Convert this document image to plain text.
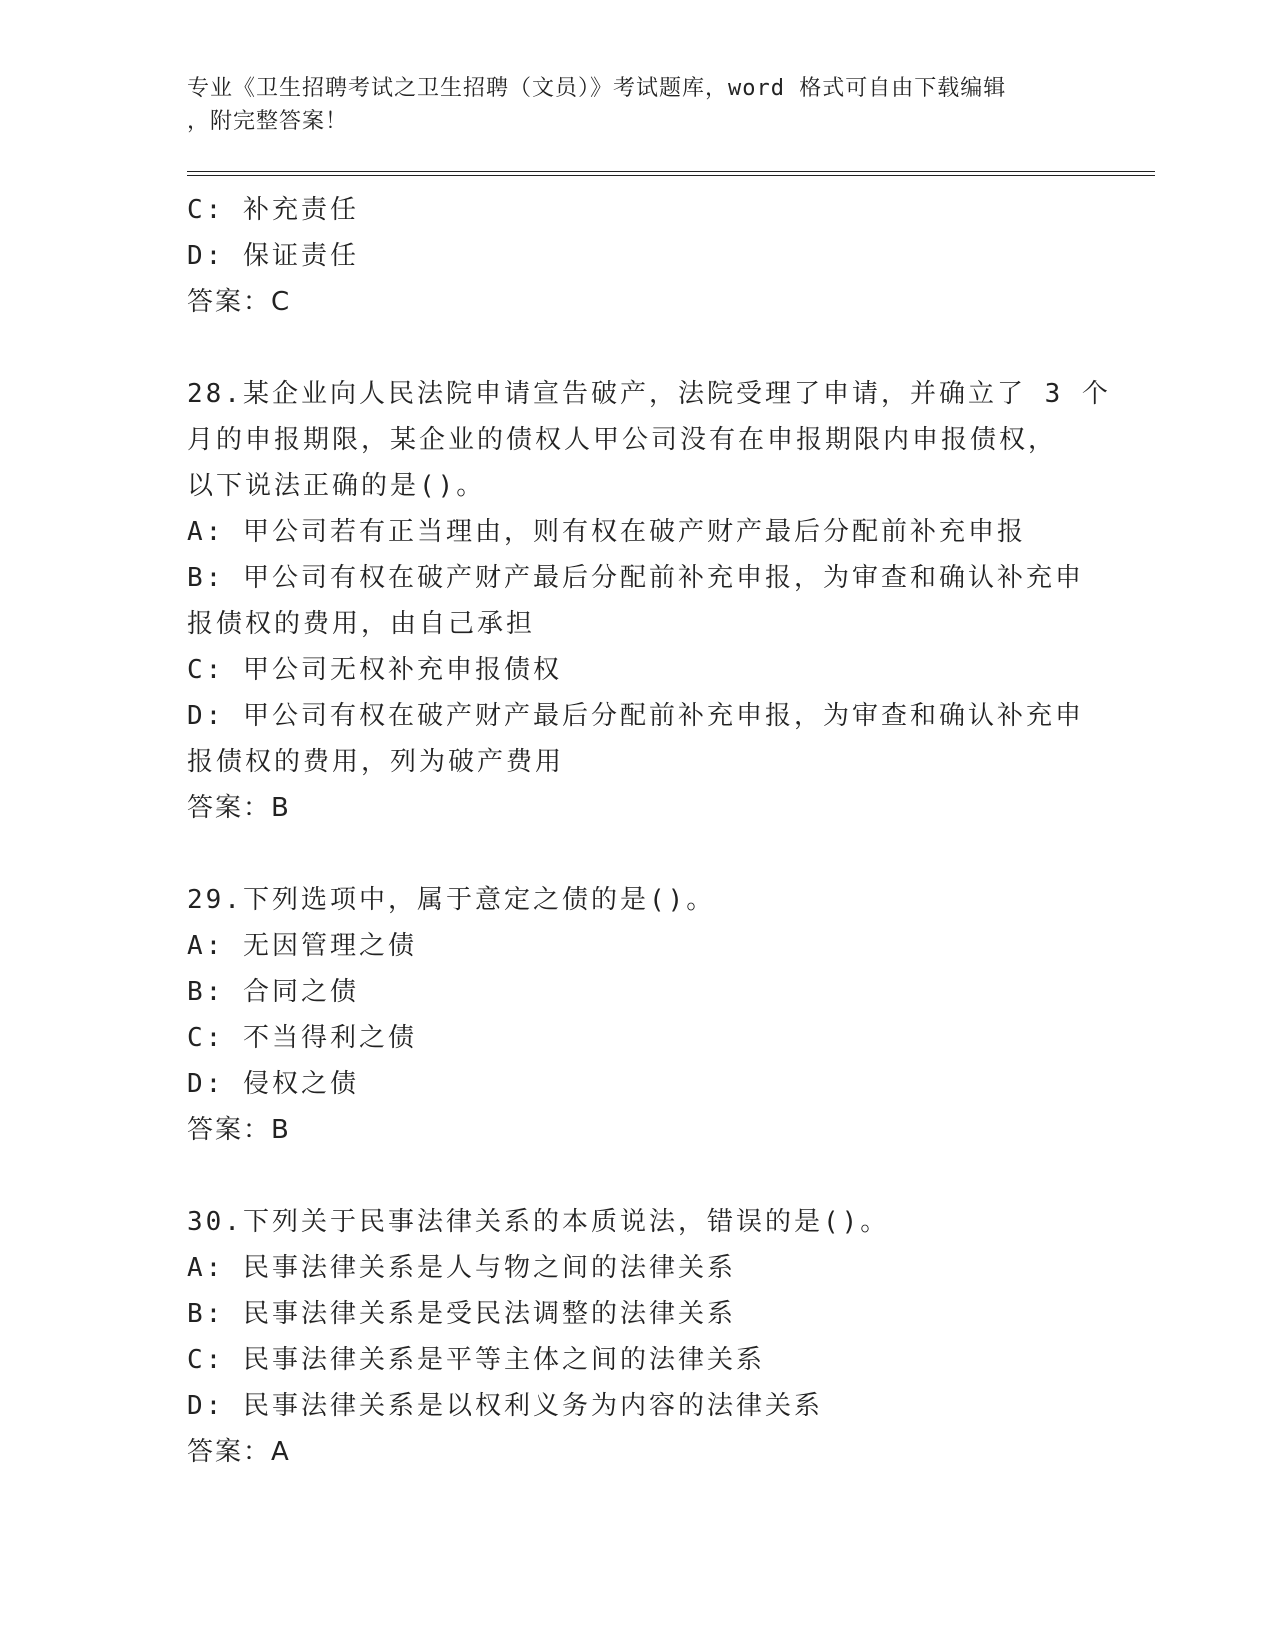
专业《卫生招聘考试之卫生招聘（文员）》考试题库，word 格式可自由下载编辑
，附完整答案！
C: 补充责任
D: 保证责任
答案：C
28.某企业向人民法院申请宣告破产，法院受理了申请，并确立了 3 个
月的申报期限，某企业的债权人甲公司没有在申报期限内申报债权，
以下说法正确的是()。
A: 甲公司若有正当理由，则有权在破产财产最后分配前补充申报
B: 甲公司有权在破产财产最后分配前补充申报，为审查和确认补充申
报债权的费用，由自己承担
C: 甲公司无权补充申报债权
D: 甲公司有权在破产财产最后分配前补充申报，为审查和确认补充申
报债权的费用，列为破产费用
答案：B
29.下列选项中，属于意定之债的是()。
A: 无因管理之债
B: 合同之债
C: 不当得利之债
D: 侵权之债
答案：B
30.下列关于民事法律关系的本质说法，错误的是()。
A: 民事法律关系是人与物之间的法律关系
B: 民事法律关系是受民法调整的法律关系
C: 民事法律关系是平等主体之间的法律关系
D: 民事法律关系是以权利义务为内容的法律关系
答案：A
